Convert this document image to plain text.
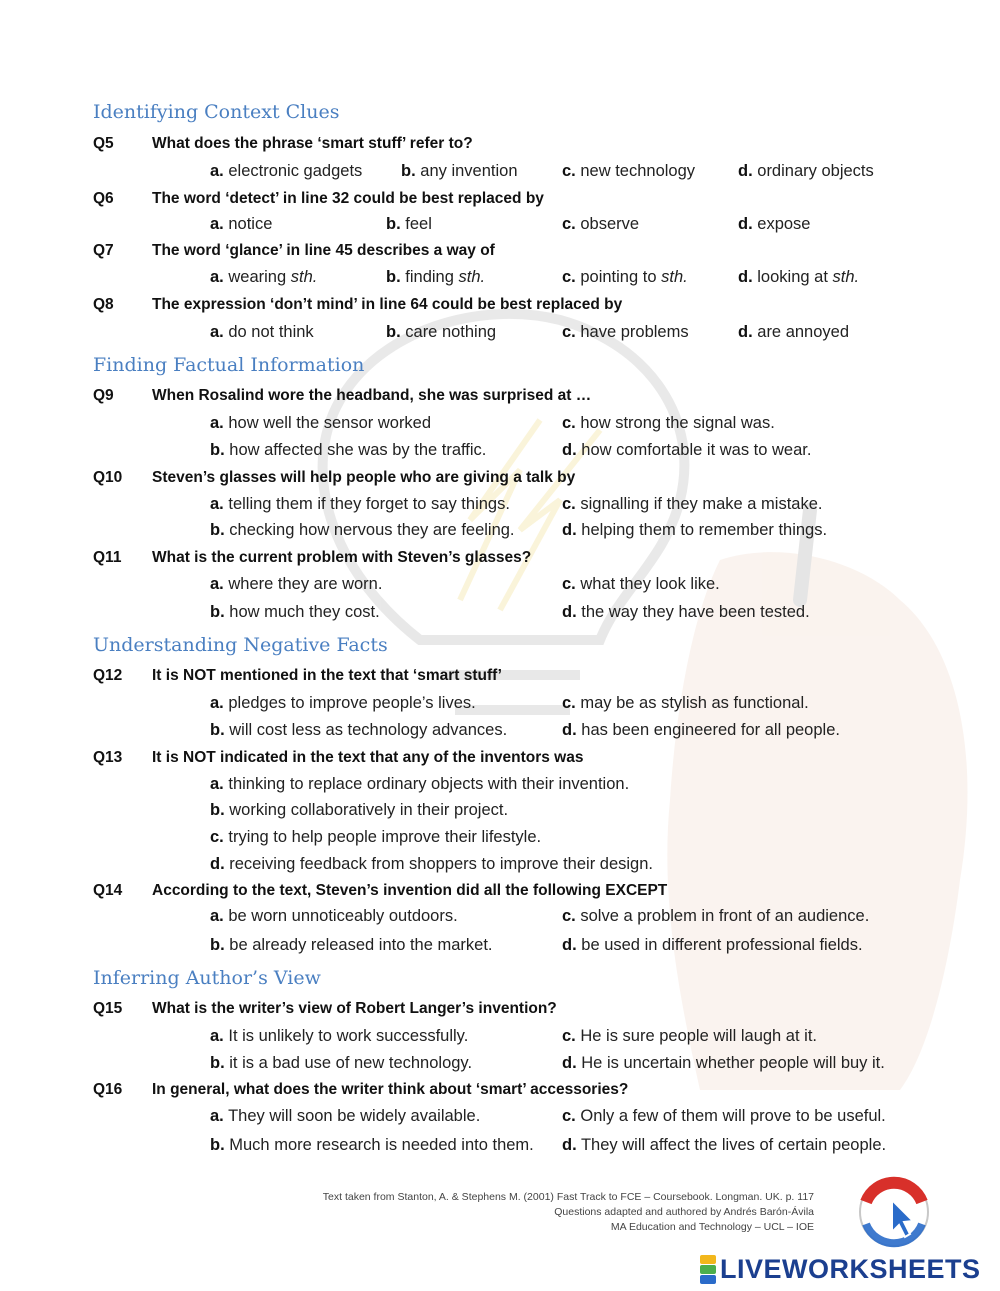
Identifying Context Clues
Q5 What does the phrase ‘smart stuff’ refer to?
a. electronic gadgets b. any invention	c. new technology	d. ordinary objects
Q6 The word ‘detect’ in line 32 could be best replaced by
a. notice	b. feel	c. observe	d. expose
Q7 The word ‘glance’ in line 45 describes a way of
a. wearing sth.	b. finding sth.	c. pointing to sth.	d. looking at sth.
Q8 The expression ‘don’t mind’ in line 64 could be best replaced by
a. do not think	b. care nothing	c. have problems	d. are annoyed
Finding Factual Information
Q9 When Rosalind wore the headband, she was surprised at …
a. how well the sensor worked	c. how strong the signal was.
b. how affected she was by the traffic.	d. how comfortable it was to wear.
Q10 Steven’s glasses will help people who are giving a talk by
a. telling them if they forget to say things.	c. signalling if they make a mistake.
b. checking how nervous they are feeling.	d. helping them to remember things.
Q11 What is the current problem with Steven’s glasses?
a. where they are worn.	c. what they look like.
b. how much they cost.	d. the way they have been tested.
Understanding Negative Facts
Q12 It is NOT mentioned in the text that ‘smart stuff’
a. pledges to improve people’s lives.	c. may be as stylish as functional.
b. will cost less as technology advances.	d. has been engineered for all people.
Q13 It is NOT indicated in the text that any of the inventors was
a. thinking to replace ordinary objects with their invention.
b. working collaboratively in their project.
c. trying to help people improve their lifestyle.
d. receiving feedback from shoppers to improve their design.
Q14 According to the text, Steven’s invention did all the following EXCEPT
a. be worn unnoticeably outdoors.	c. solve a problem in front of an audience.
b. be already released into the market.	d. be used in different professional fields.
Inferring Author’s View
Q15 What is the writer’s view of Robert Langer’s invention?
a. It is unlikely to work successfully.	c. He is sure people will laugh at it.
b. it is a bad use of new technology.	d. He is uncertain whether people will buy it.
Q16 In general, what does the writer think about ‘smart’ accessories?
a. They will soon be widely available.	c. Only a few of them will prove to be useful.
b. Much more research is needed into them. d. They will affect the lives of certain people.
Text taken from Stanton, A. & Stephens M. (2001) Fast Track to FCE – Coursebook. Longman. UK. p. 117
Questions adapted and authored by Andrés Barón-Ávila
MA Education and Technology – UCL – IOE
LIVEWORKSHEETS
